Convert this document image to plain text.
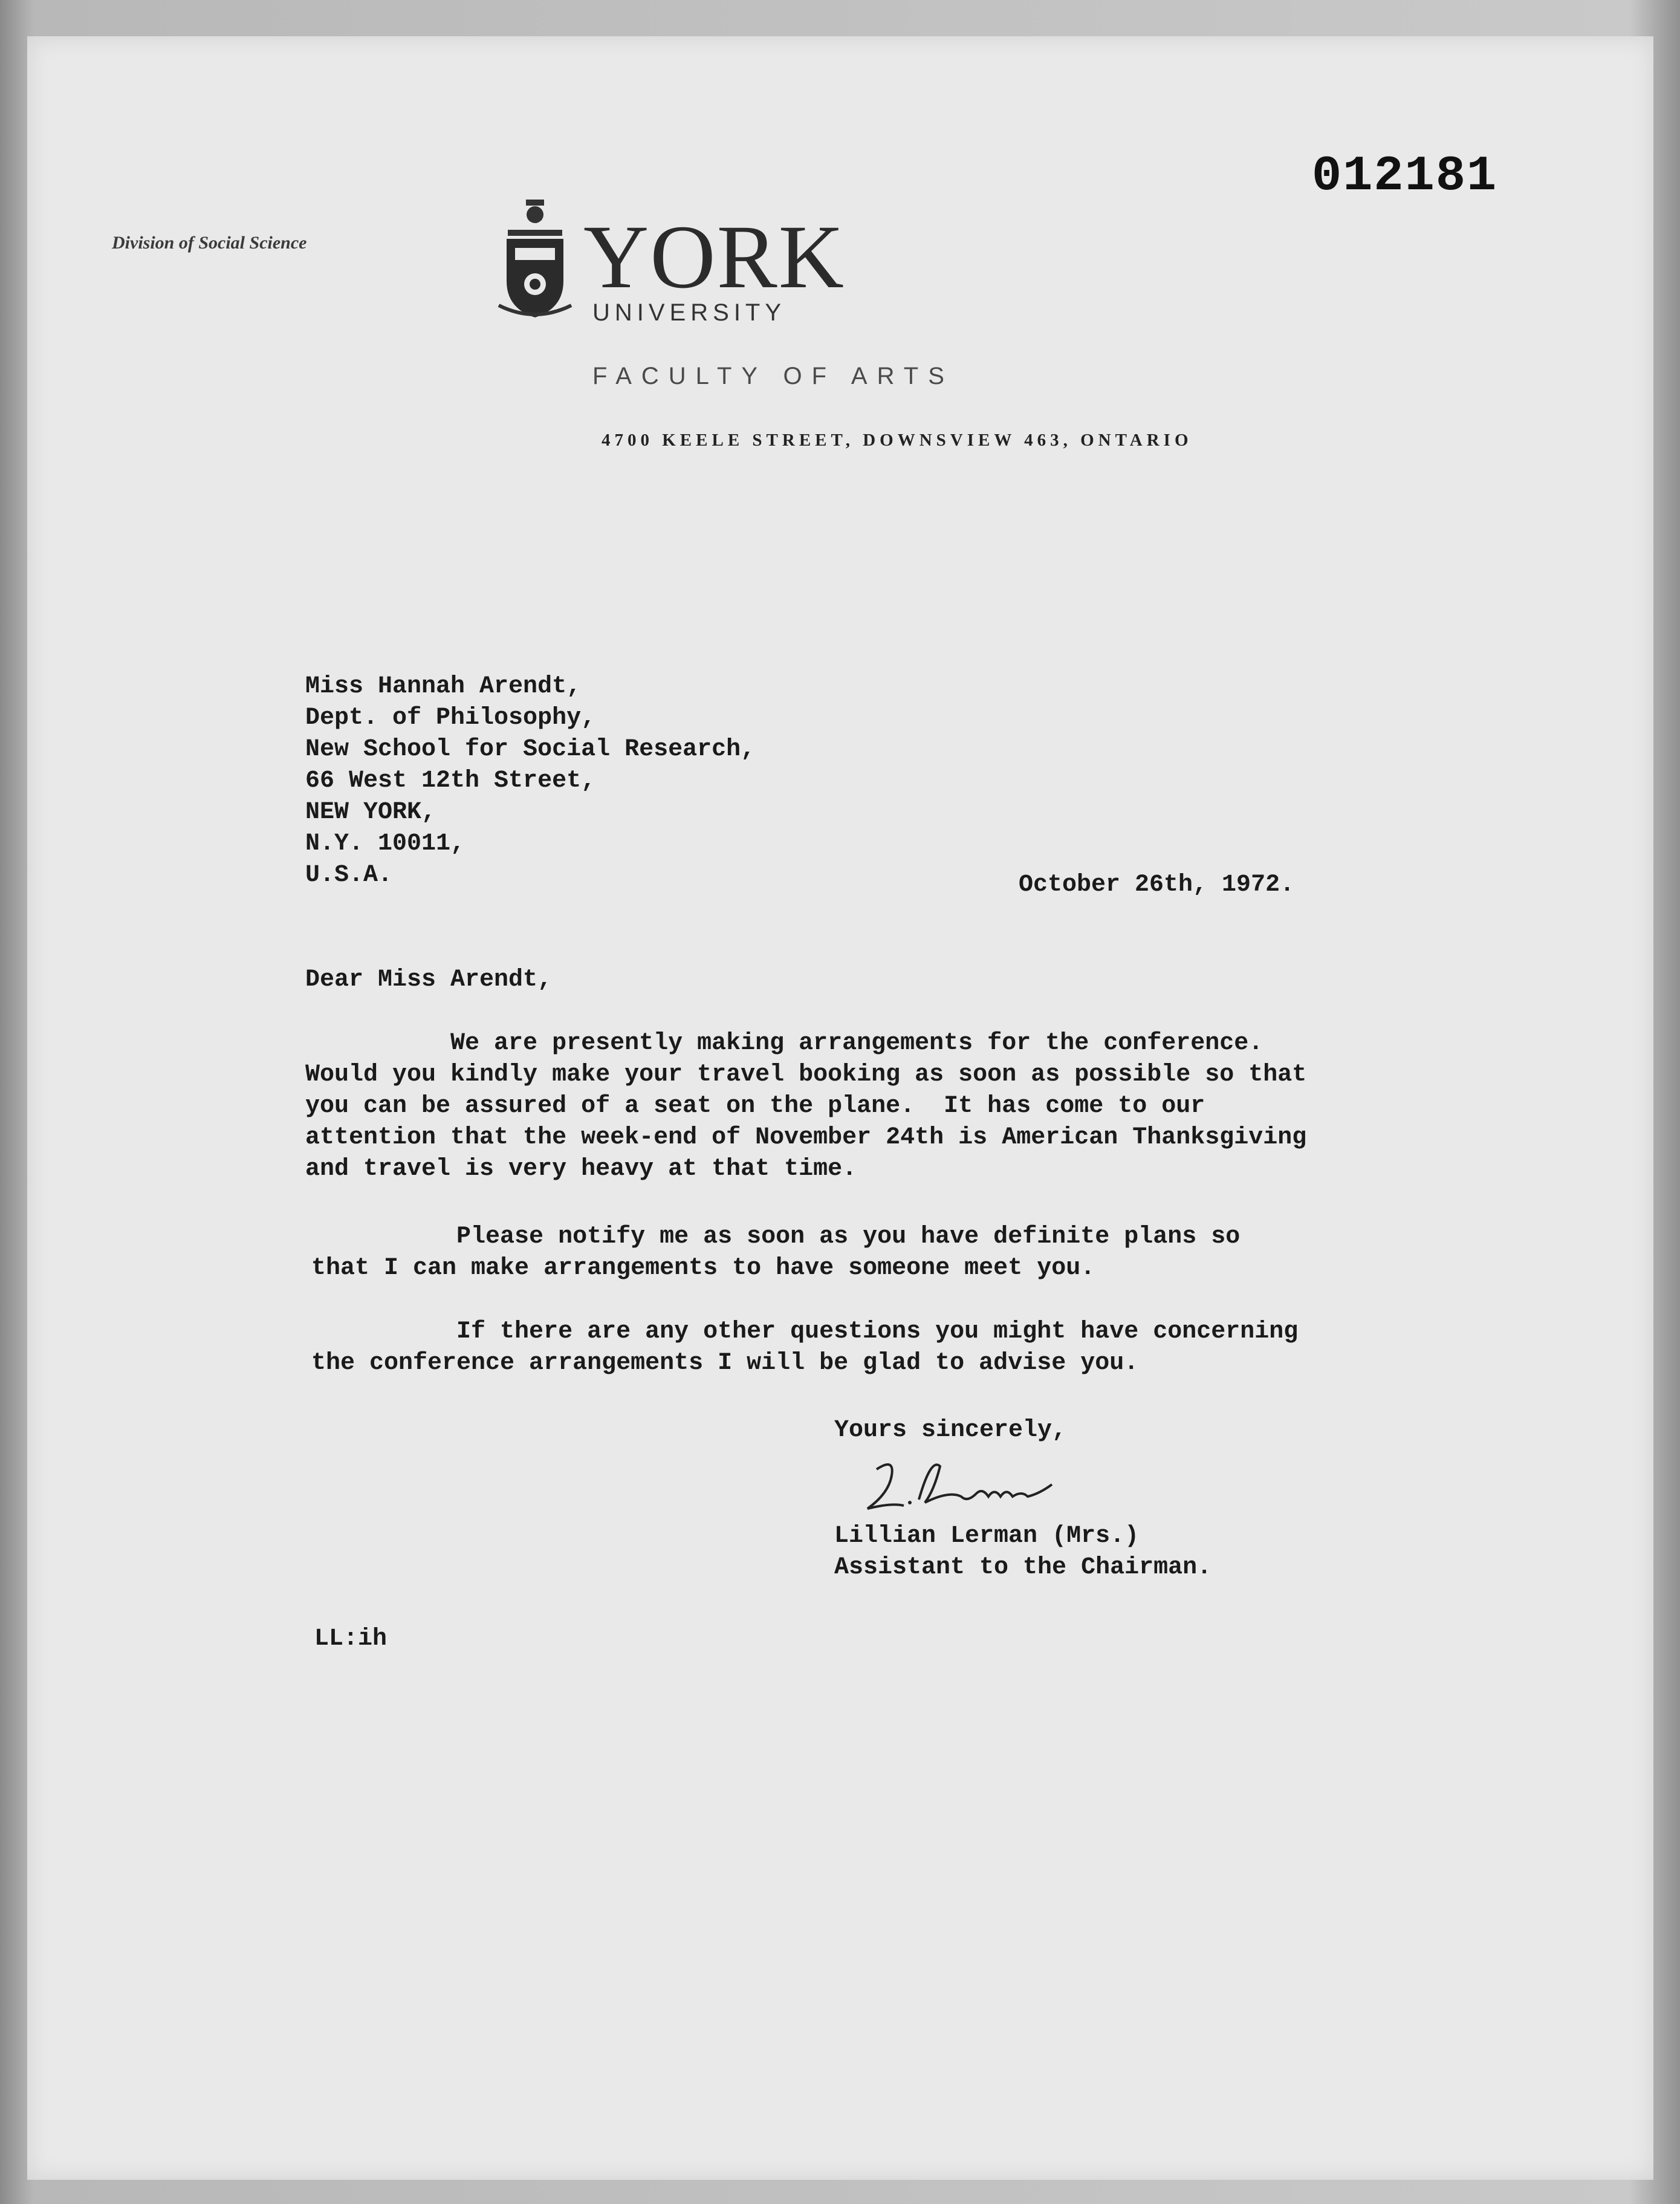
012181
Division of Social Science	YORK
UNIVERSITY
FACULTY OF ARTS
4700 KEELE STREET, DOWNSVIEW 463, ONTARIO
Miss Hannah Arendt,
Dept. of Philosophy,
New School for Social Research,
66 West 12th Street,
NEW YORK,
N.Y. 10011,
U.S.A.	October 26th, 1972.
Dear Miss Arendt,
We are presently making arrangements for the conference.
Would you kindly make your travel booking as soon as possible so that
you can be assured of a seat on the plane.  It has come to our
attention that the week-end of November 24th is American Thanksgiving
and travel is very heavy at that time.
Please notify me as soon as you have definite plans so
that I can make arrangements to have someone meet you.
If there are any other questions you might have concerning
the conference arrangements I will be glad to advise you.
Yours sincerely,
Lillian Lerman (Mrs.)
Assistant to the Chairman.
LL:ih
